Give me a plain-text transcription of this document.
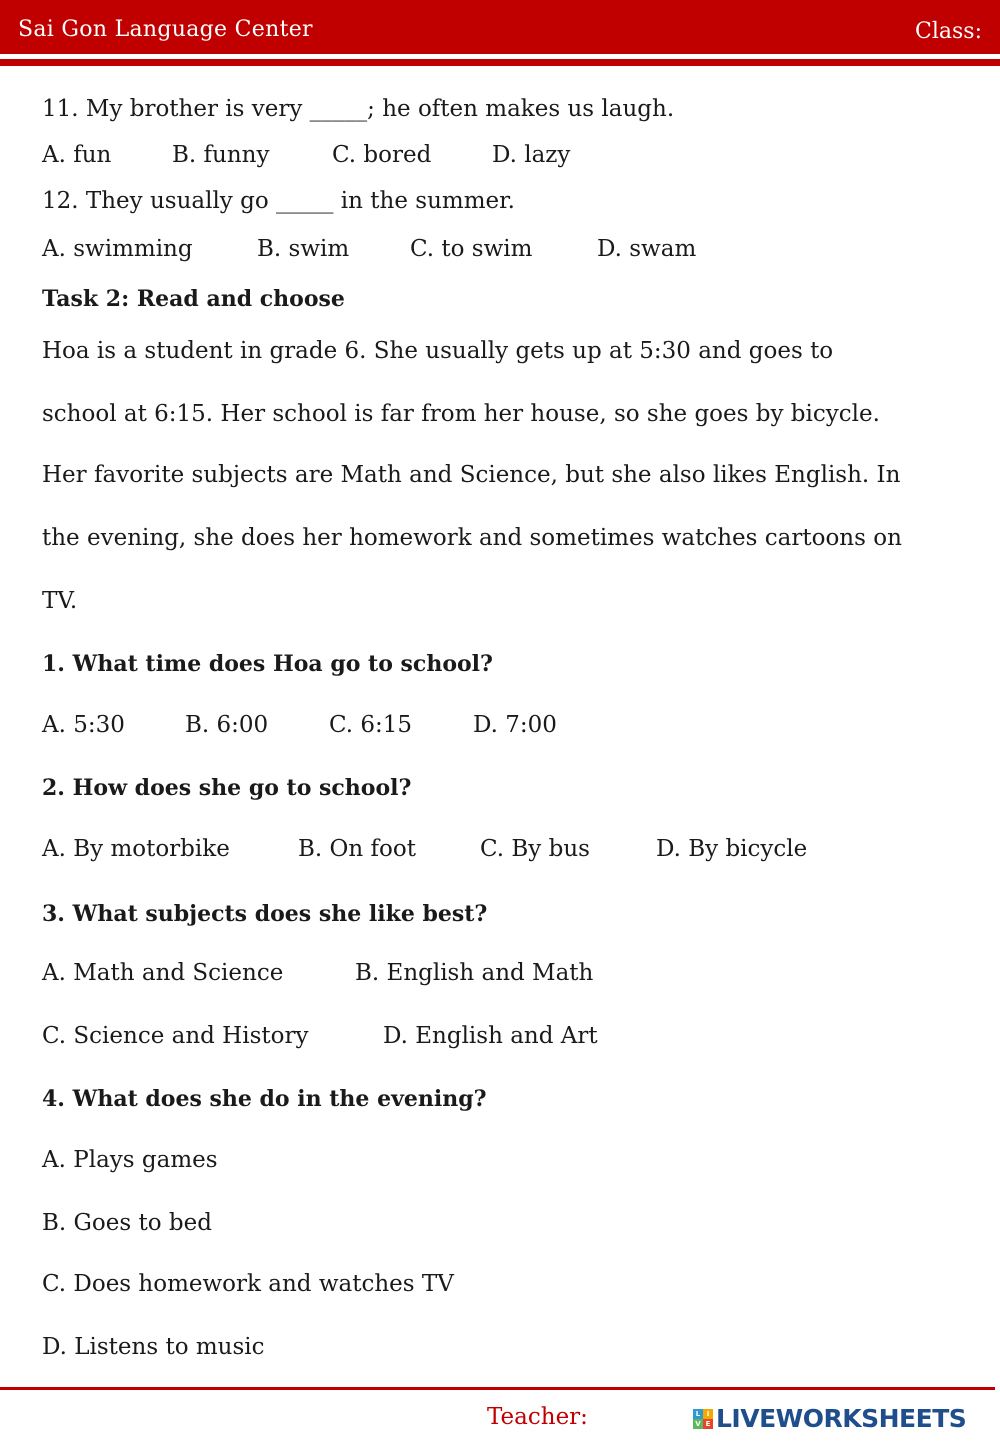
Sai Gon Language Center	Class:
11. My brother is very _____; he often makes us laugh.
A. fun	B. funny	C. bored	D. lazy
12. They usually go _____ in the summer.
A. swimming	B. swim	C. to swim	D. swam
Task 2: Read and choose
Hoa is a student in grade 6. She usually gets up at 5:30 and goes to
school at 6:15. Her school is far from her house, so she goes by bicycle.
Her favorite subjects are Math and Science, but she also likes English. In
the evening, she does her homework and sometimes watches cartoons on
TV.
1. What time does Hoa go to school?
A. 5:30	B. 6:00	C. 6:15	D. 7:00
2. How does she go to school?
A. By motorbike	B. On foot	C. By bus	D. By bicycle
3. What subjects does she like best?
A. Math and Science	B. English and Math
C. Science and History	D. English and Art
4. What does she do in the evening?
A. Plays games
B. Goes to bed
C. Does homework and watches TV
D. Listens to music
Teacher:	L I
V E LIVEWORKSHEETS
